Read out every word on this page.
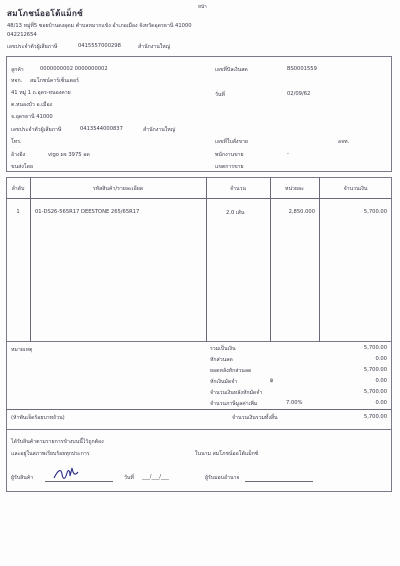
หน้า
สมโภชน์ออโต้แม็กซ์
48/13 หมู่ที่5 ซอยบ้านดงอุดม ตำบลหมากแข้ง อำเภอเมือง จังหวัดอุดรธานี 41000
042212654
เลขประจำตัวผู้เสียภาษี	0415557000298	สำนักงานใหญ่
ลูกค้า	0000000002 0000000002
หจก. สมโภชน์คาร์เซ็นเตอร์
41 หมู่ 1 ถ.อุดร-หนองคาย
ต.หนองบัว อ.เมือง
จ.อุดรธานี 41000
เลขประจำตัวผู้เสียภาษี	0413544000837	สำนักงานใหญ่
โทร.
อ้างอิง	vigo ผจ 3975 อด
ขนส่งโดย
เลขที่บิลเงินสด	BS0001559
วันที่	02/09/62
เลขที่ใบสั่งขาย	อจท.
พนักงานขาย	-
แขตการขาย
ลำดับ	รหัสสินค้า/รายละเอียด	จำนวน	หน่วยละ	จำนวนเงิน
1	01-DS26-565R17 DEESTONE 265/65R17	2.0 เส้น	2,850.000	5,700.00
หมายเหตุ	รวมเป็นเงิน	5,700.00
หักส่วนลด	0.00
ยอดหลังหักส่วนลด	5,700.00
หักเงินมัดจำ	฿	0.00
จำนวนเงินหลังหักมัดจำ	5,700.00
จำนวนภาษีมูลค่าเพิ่ม	7.00%	0.00
(ห้าพันเจ็ดร้อยบาทถ้วน)	จำนวนเงินรวมทั้งสิ้น	5,700.00
ได้รับสินค้าตามรายการข้างบนนี้ไว้ถูกต้อง
และอยู่ในสภาพเรียบร้อยทุกประการ	ในนาม สมโภชน์ออโต้แม็กซ์
ผู้รับสินค้า	วันที่ ___/___/___	ผู้รับมอบอำนาจ
